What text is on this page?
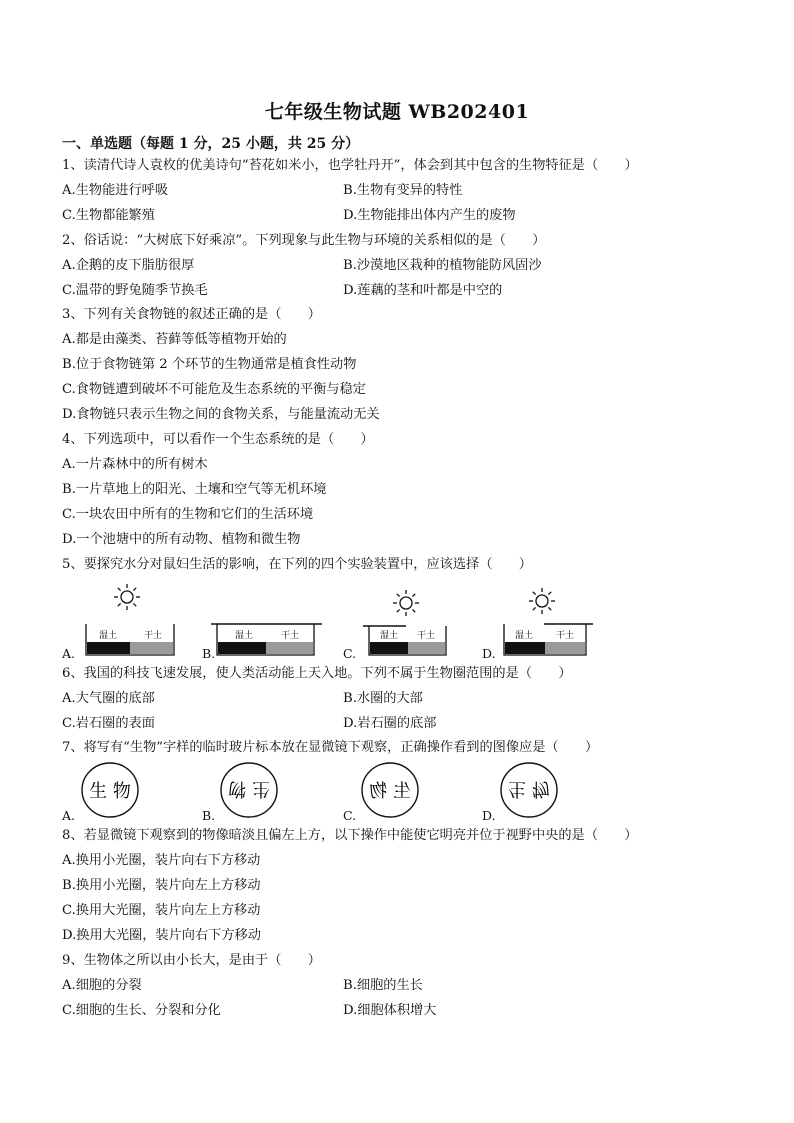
七年级生物试题 WB202401
一、单选题（每题 1 分，25 小题，共 25 分）
1、读清代诗人袁枚的优美诗句“苔花如米小，也学牡丹开”，体会到其中包含的生物特征是（　　）
A.生物能进行呼吸	B.生物有变异的特性
C.生物都能繁殖	D.生物能排出体内产生的废物
2、俗话说：“大树底下好乘凉”。下列现象与此生物与环境的关系相似的是（　　）
A.企鹅的皮下脂肪很厚	B.沙漠地区栽种的植物能防风固沙
C.温带的野兔随季节换毛	D.莲藕的茎和叶都是中空的
3、下列有关食物链的叙述正确的是（　　）
A.都是由藻类、苔藓等低等植物开始的
B.位于食物链第 2 个环节的生物通常是植食性动物
C.食物链遭到破坏不可能危及生态系统的平衡与稳定
D.食物链只表示生物之间的食物关系，与能量流动无关
4、下列选项中，可以看作一个生态系统的是（　　）
A.一片森林中的所有树木
B.一片草地上的阳光、土壤和空气等无机环境
C.一块农田中所有的生物和它们的生活环境
D.一个池塘中的所有动物、植物和微生物
5、要探究水分对鼠妇生活的影响，在下列的四个实验装置中，应该选择（　　）
湿土	干土	湿土	干土	湿土 干土	湿土	干土
A.	B.	C.	D.
6、我国的科技飞速发展，使人类活动能上天入地。下列不属于生物圈范围的是（　　）
A.大气圈的底部	B.水圈的大部
C.岩石圈的表面	D.岩石圈的底部
7、将写有“生物”字样的临时玻片标本放在显微镜下观察，正确操作看到的图像应是（　　）
生 物	生 物	生 物	生 物
A.	B.	C.	D.
8、若显微镜下观察到的物像暗淡且偏左上方，以下操作中能使它明亮并位于视野中央的是（　　）
A.换用小光圈，装片向右下方移动
B.换用小光圈，装片向左上方移动
C.换用大光圈，装片向左上方移动
D.换用大光圈，装片向右下方移动
9、生物体之所以由小长大，是由于（　　）
A.细胞的分裂	B.细胞的生长
C.细胞的生长、分裂和分化	D.细胞体积增大
